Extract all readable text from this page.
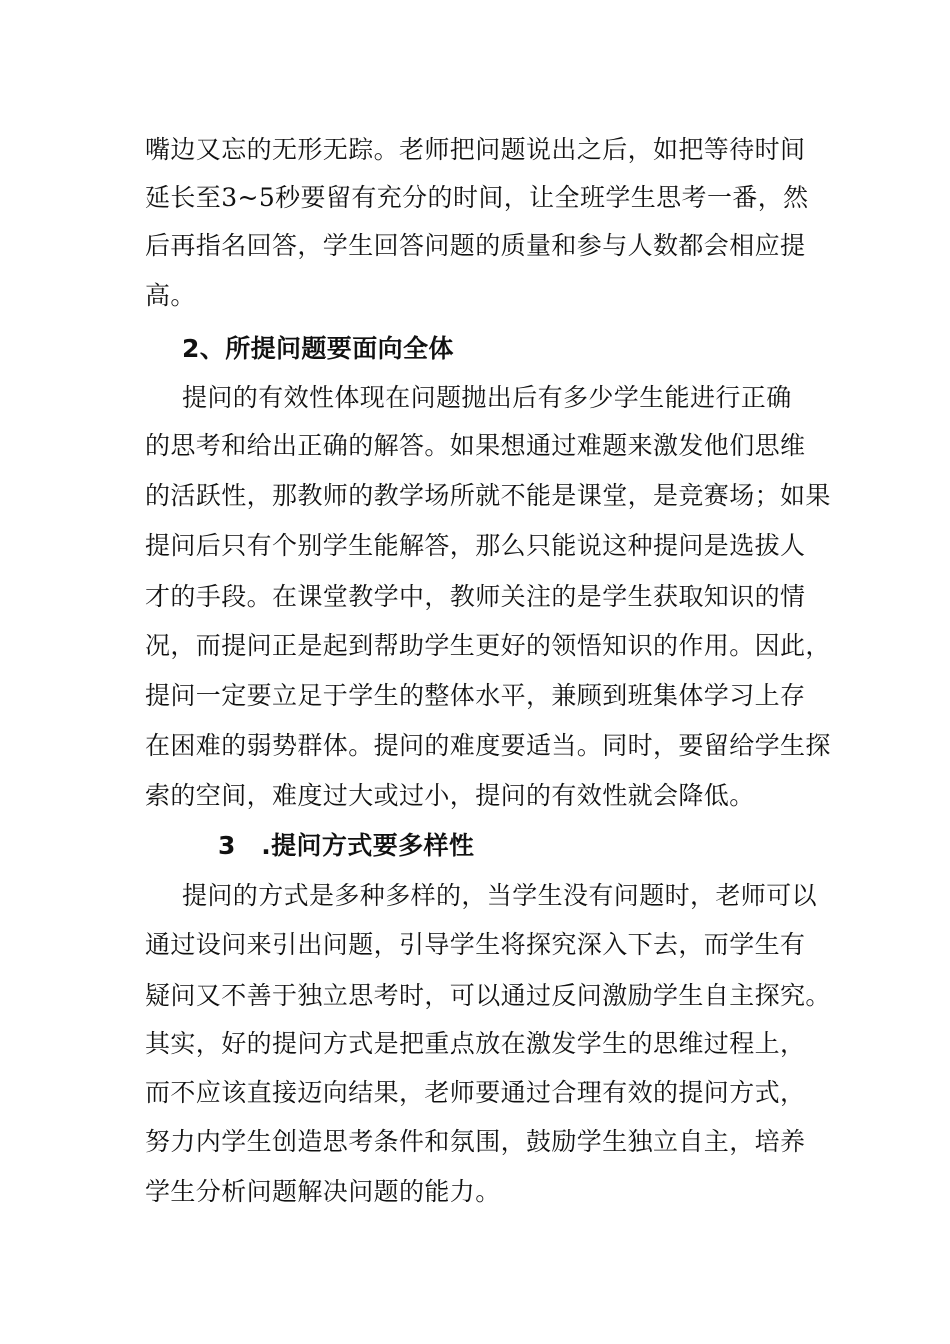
嘴边又忘的无形无踪。老师把问题说出之后，如把等待时间
延长至3~5秒要留有充分的时间，让全班学生思考一番，然
后再指名回答，学生回答问题的质量和参与人数都会相应提
高。
2、所提问题要面向全体
提问的有效性体现在问题抛出后有多少学生能进行正确
的思考和给出正确的解答。如果想通过难题来激发他们思维
的活跃性，那教师的教学场所就不能是课堂，是竞赛场；如果
提问后只有个别学生能解答，那么只能说这种提问是选拔人
才的手段。在课堂教学中，教师关注的是学生获取知识的情
况，而提问正是起到帮助学生更好的领悟知识的作用。因此，
提问一定要立足于学生的整体水平，兼顾到班集体学习上存
在困难的弱势群体。提问的难度要适当。同时，要留给学生探
索的空间，难度过大或过小，提问的有效性就会降低。
3　.提问方式要多样性
提问的方式是多种多样的，当学生没有问题时，老师可以
通过设问来引出问题，引导学生将探究深入下去，而学生有
疑问又不善于独立思考时，可以通过反问激励学生自主探究。
其实，好的提问方式是把重点放在激发学生的思维过程上，
而不应该直接迈向结果，老师要通过合理有效的提问方式，
努力内学生创造思考条件和氛围，鼓励学生独立自主，培养
学生分析问题解决问题的能力。
